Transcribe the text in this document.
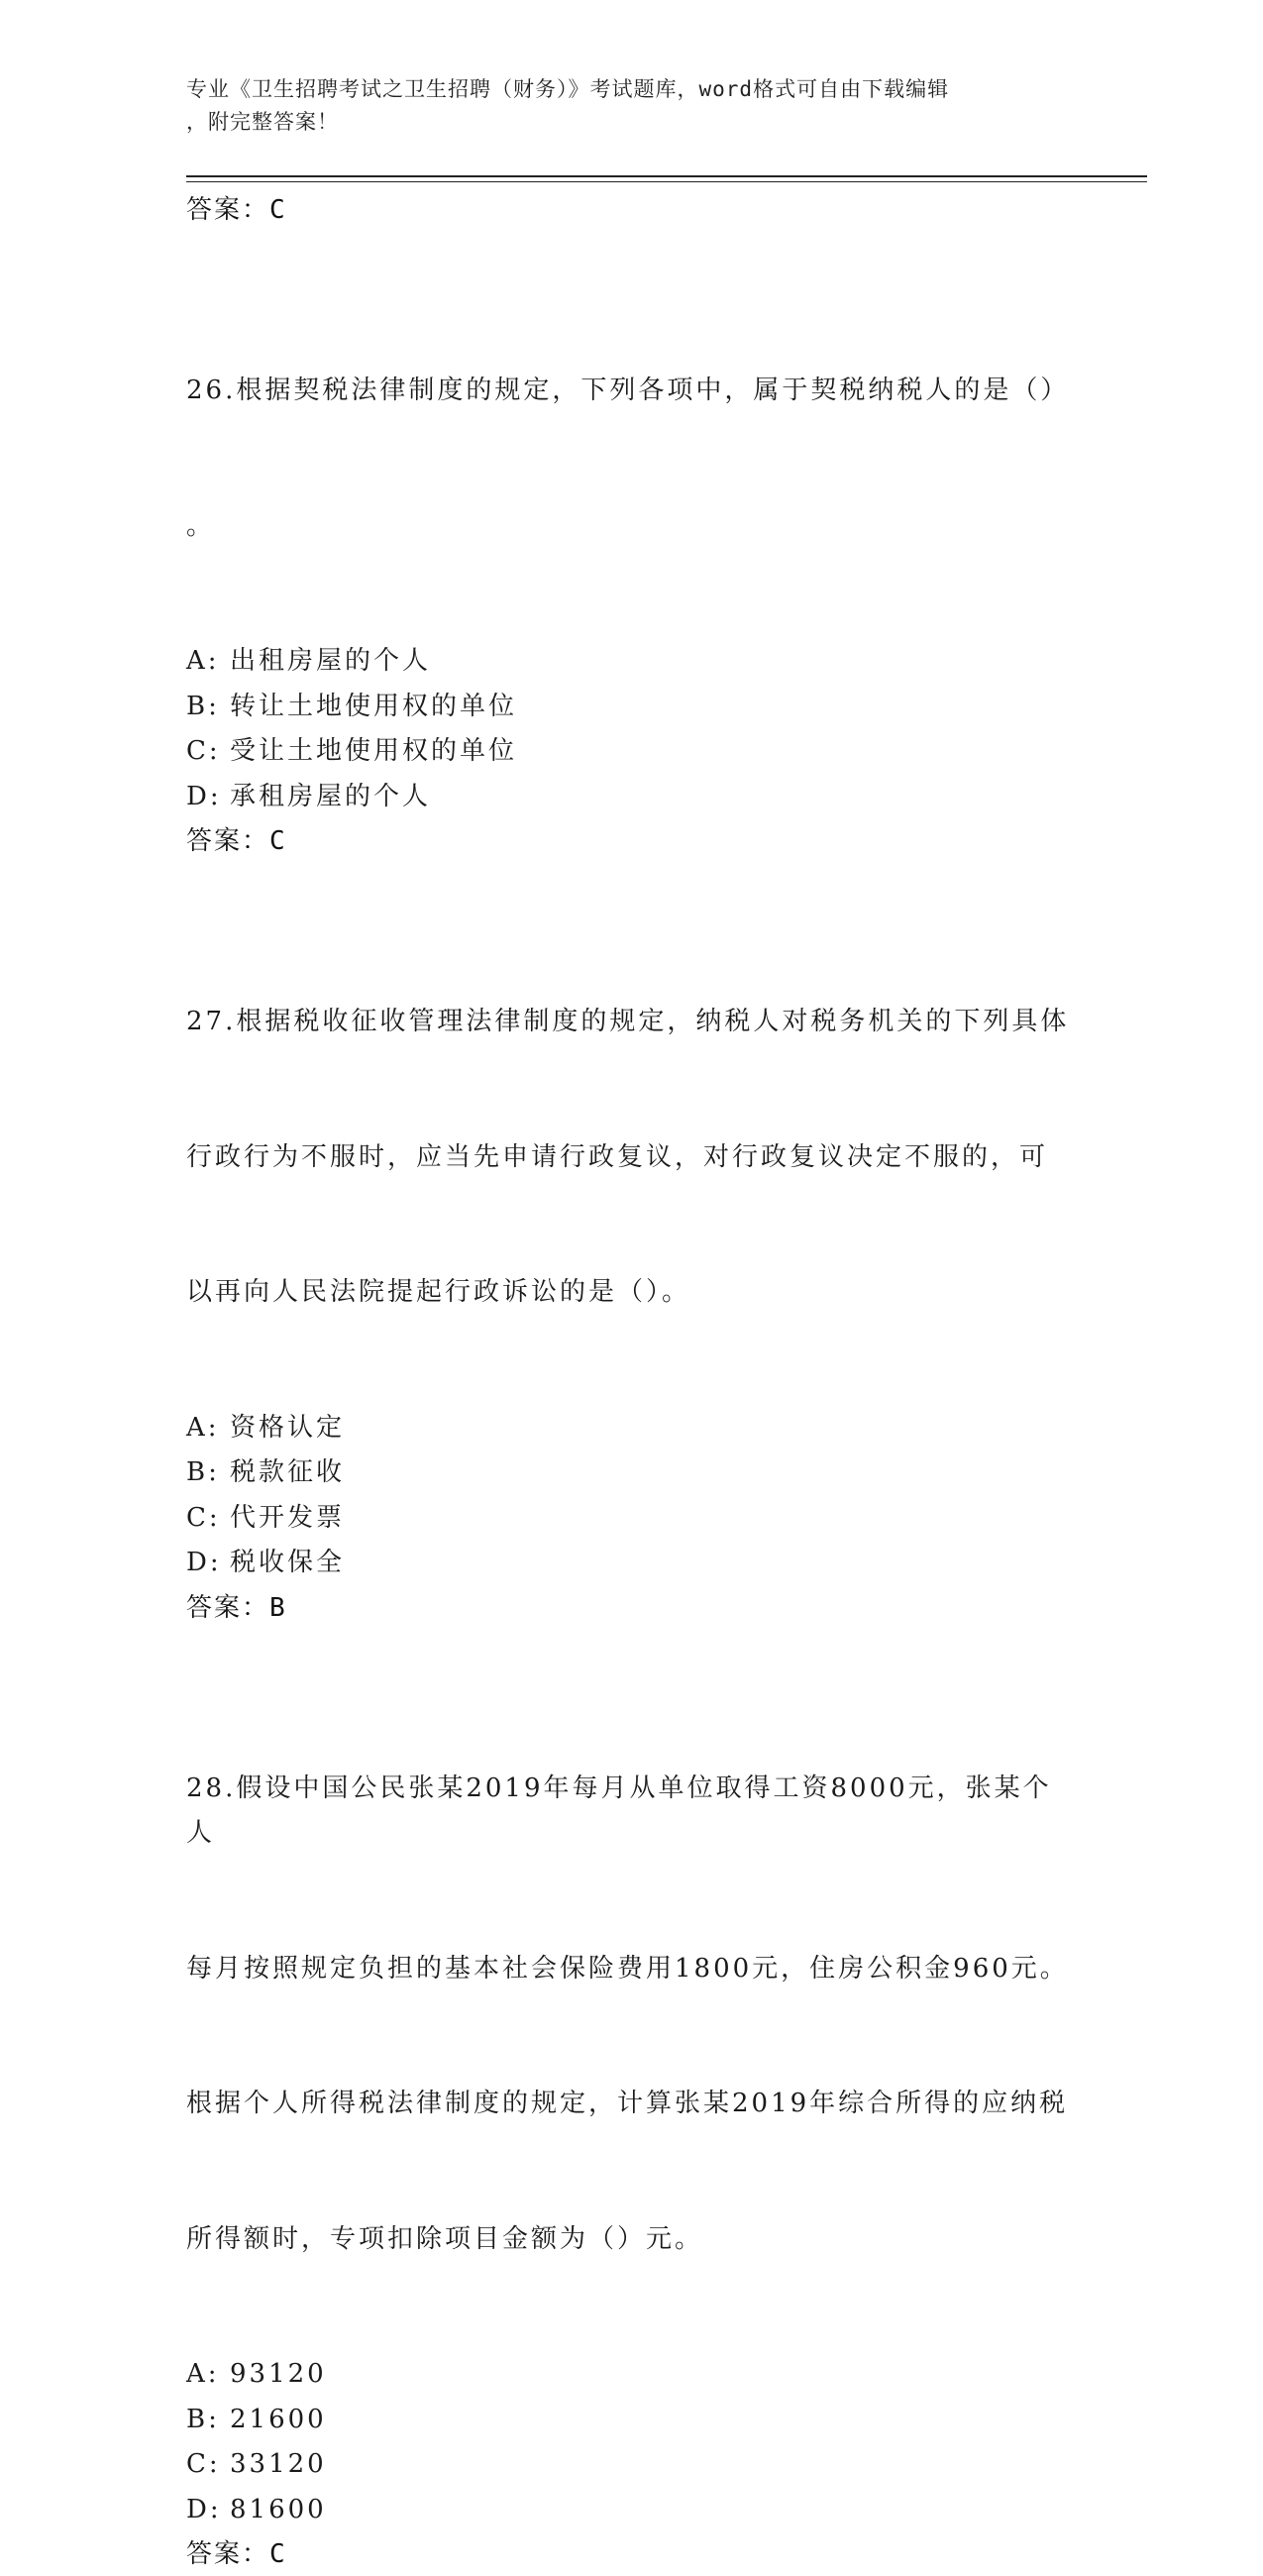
专业《卫生招聘考试之卫生招聘（财务）》考试题库，word格式可自由下载编辑
，附完整答案！
答案：C

26.根据契税法律制度的规定，下列各项中，属于契税纳税人的是（）

。

A: 出租房屋的个人
B: 转让土地使用权的单位
C: 受让土地使用权的单位
D: 承租房屋的个人
答案：C

27.根据税收征收管理法律制度的规定，纳税人对税务机关的下列具体

行政行为不服时，应当先申请行政复议，对行政复议决定不服的，可

以再向人民法院提起行政诉讼的是（）。

A: 资格认定
B: 税款征收
C: 代开发票
D: 税收保全
答案：B

28.假设中国公民张某2019年每月从单位取得工资8000元，张某个人

每月按照规定负担的基本社会保险费用1800元，住房公积金960元。

根据个人所得税法律制度的规定，计算张某2019年综合所得的应纳税

所得额时，专项扣除项目金额为（）元。

A: 93120
B: 21600
C: 33120
D: 81600
答案：C
